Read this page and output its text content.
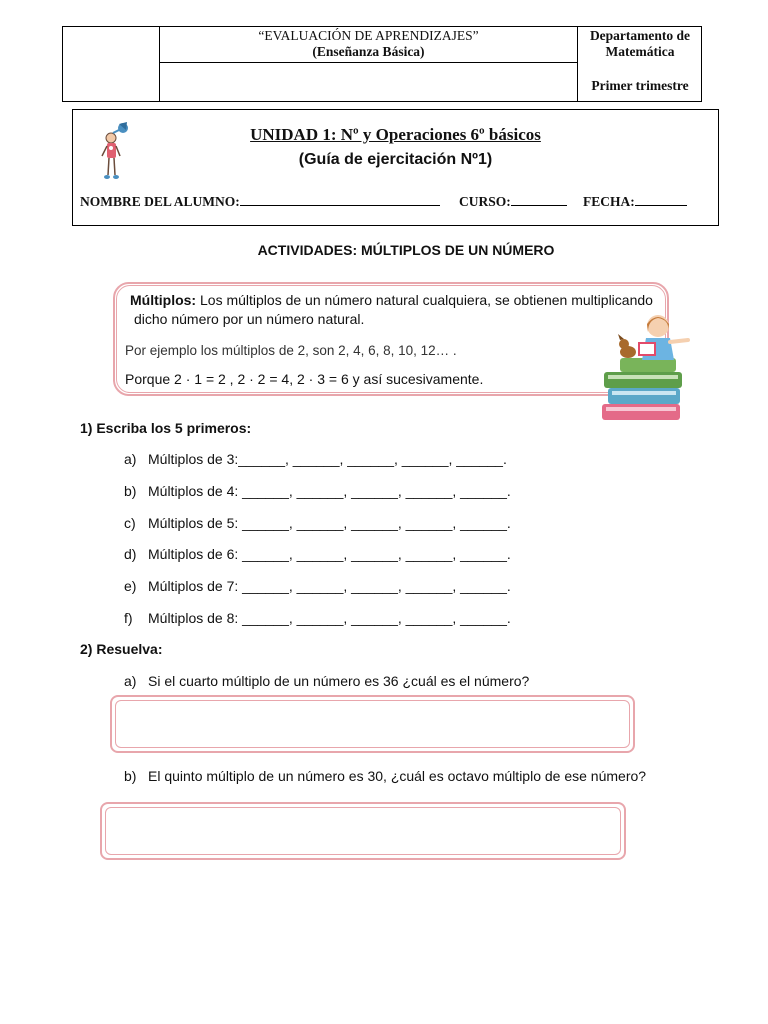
“EVALUACIÓN DE APRENDIZAJES”
(Enseñanza Básica)
Departamento de
Matemática
Primer trimestre
UNIDAD 1: Nº y Operaciones 6º básicos
(Guía de ejercitación Nº1)
NOMBRE DEL ALUMNO:	CURSO:	FECHA:
ACTIVIDADES: MÚLTIPLOS DE UN NÚMERO
Múltiplos: Los múltiplos de un número natural cualquiera, se obtienen multiplicando
dicho número por un número natural.
Por ejemplo los múltiplos de 2, son 2, 4, 6, 8, 10, 12… .
Porque 2 · 1 = 2 , 2 · 2 = 4, 2 · 3 = 6 y así sucesivamente.
1) Escriba los 5 primeros:
a) Múltiplos de 3:______, ______, ______, ______, ______.
b) Múltiplos de 4: ______, ______, ______, ______, ______.
c) Múltiplos de 5: ______, ______, ______, ______, ______.
d) Múltiplos de 6: ______, ______, ______, ______, ______.
e) Múltiplos de 7: ______, ______, ______, ______, ______.
f) Múltiplos de 8: ______, ______, ______, ______, ______.
2) Resuelva:
a) Si el cuarto múltiplo de un número es 36 ¿cuál es el número?
b) El quinto múltiplo de un número es 30, ¿cuál es octavo múltiplo de ese número?
